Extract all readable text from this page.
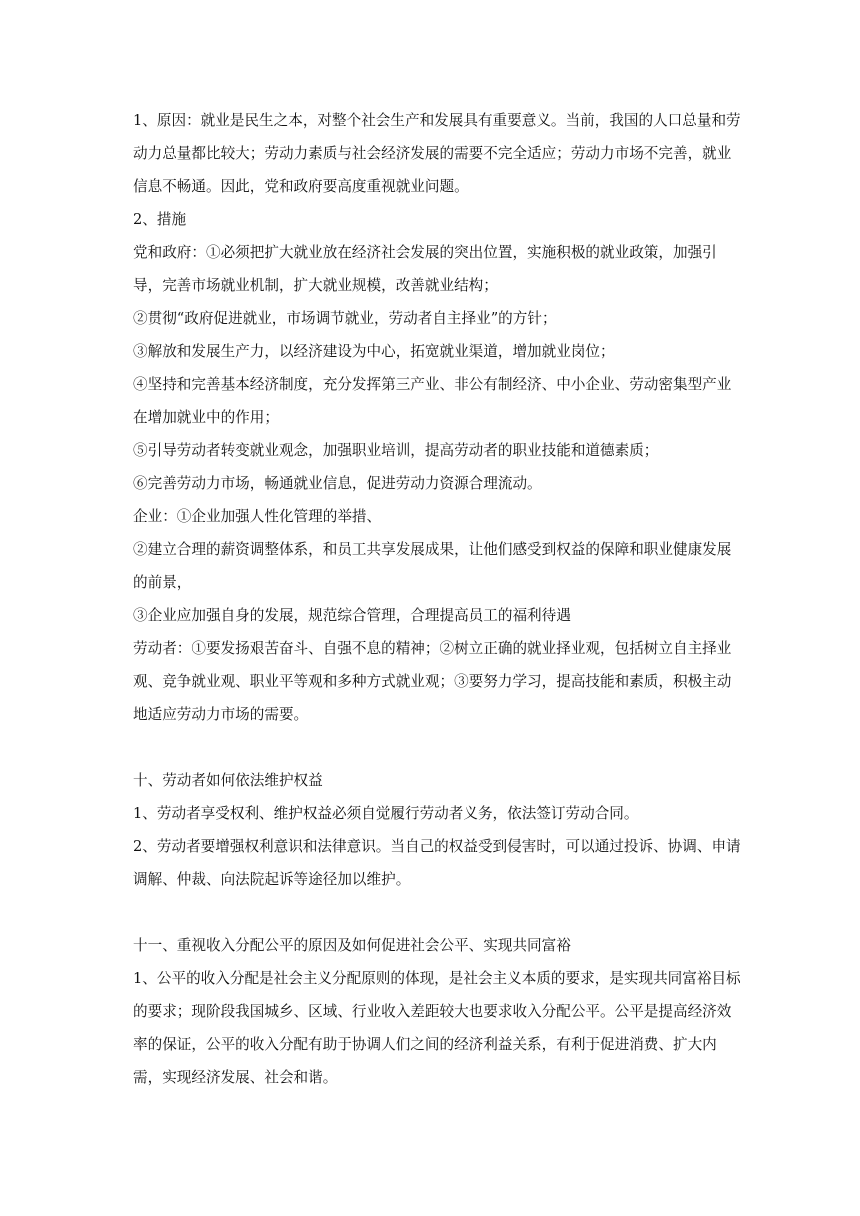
1、原因：就业是民生之本，对整个社会生产和发展具有重要意义。当前，我国的人口总量和劳动力总量都比较大；劳动力素质与社会经济发展的需要不完全适应；劳动力市场不完善，就业信息不畅通。因此，党和政府要高度重视就业问题。

2、措施

党和政府：①必须把扩大就业放在经济社会发展的突出位置，实施积极的就业政策，加强引导，完善市场就业机制，扩大就业规模，改善就业结构；

②贯彻“政府促进就业，市场调节就业，劳动者自主择业”的方针；

③解放和发展生产力，以经济建设为中心，拓宽就业渠道，增加就业岗位；

④坚持和完善基本经济制度，充分发挥第三产业、非公有制经济、中小企业、劳动密集型产业在增加就业中的作用；

⑤引导劳动者转变就业观念，加强职业培训，提高劳动者的职业技能和道德素质；

⑥完善劳动力市场，畅通就业信息，促进劳动力资源合理流动。

企业：①企业加强人性化管理的举措、

②建立合理的薪资调整体系，和员工共享发展成果，让他们感受到权益的保障和职业健康发展的前景，

③企业应加强自身的发展，规范综合管理，合理提高员工的福利待遇

劳动者：①要发扬艰苦奋斗、自强不息的精神；②树立正确的就业择业观，包括树立自主择业观、竞争就业观、职业平等观和多种方式就业观；③要努力学习，提高技能和素质，积极主动地适应劳动力市场的需要。

十、劳动者如何依法维护权益

1、劳动者享受权利、维护权益必须自觉履行劳动者义务，依法签订劳动合同。

2、劳动者要增强权利意识和法律意识。当自己的权益受到侵害时，可以通过投诉、协调、申请调解、仲裁、向法院起诉等途径加以维护。

十一、重视收入分配公平的原因及如何促进社会公平、实现共同富裕

1、公平的收入分配是社会主义分配原则的体现，是社会主义本质的要求，是实现共同富裕目标的要求；现阶段我国城乡、区域、行业收入差距较大也要求收入分配公平。公平是提高经济效率的保证，公平的收入分配有助于协调人们之间的经济利益关系，有利于促进消费、扩大内需，实现经济发展、社会和谐。
